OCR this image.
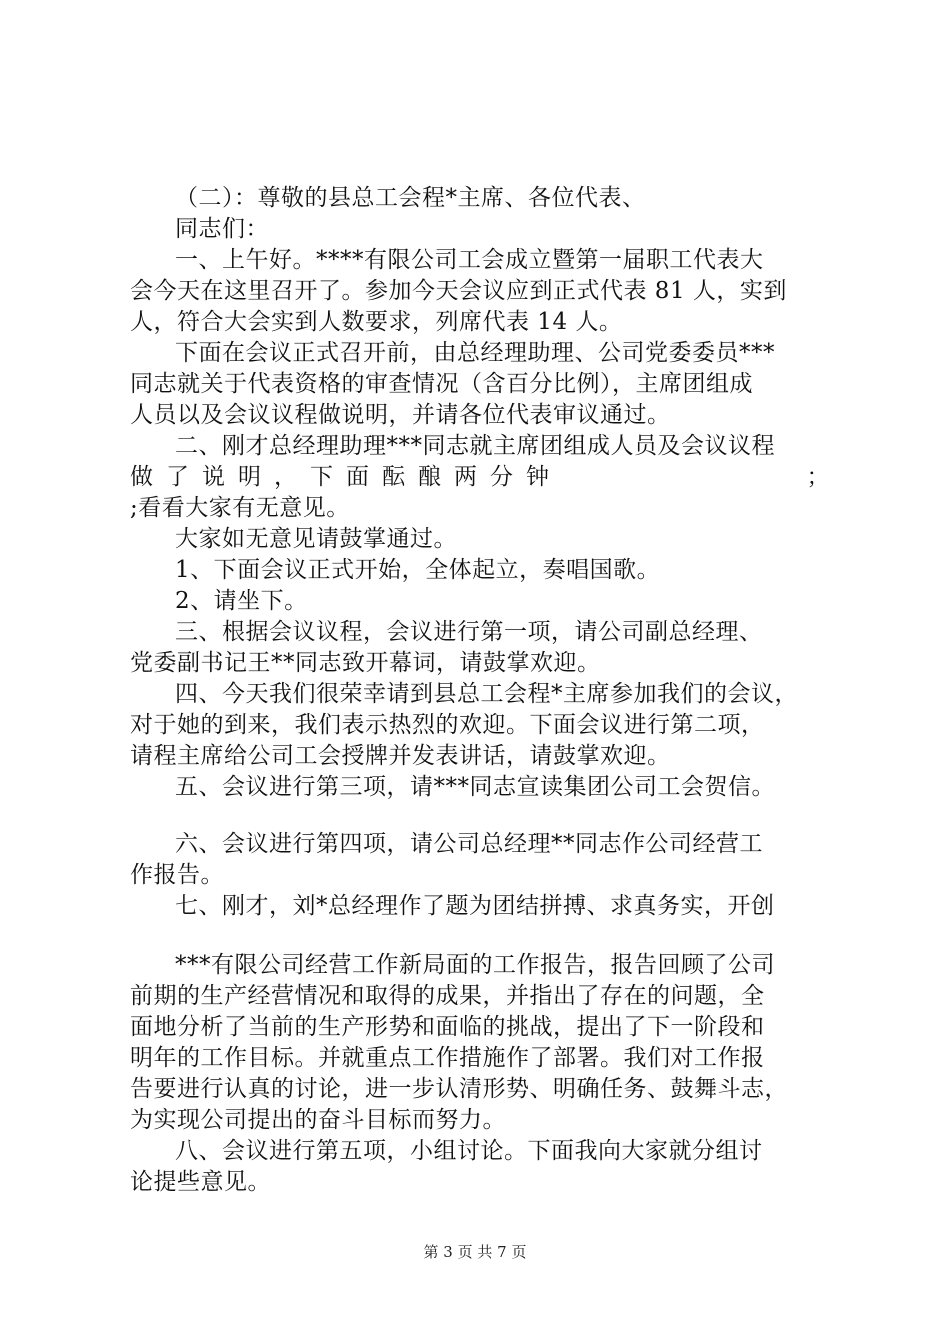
（二）：尊敬的县总工会程*主席、各位代表、
同志们：
一、上午好。****有限公司工会成立暨第一届职工代表大
会今天在这里召开了。参加今天会议应到正式代表 81 人，实到
人，符合大会实到人数要求，列席代表 14 人。
下面在会议正式召开前，由总经理助理、公司党委委员***
同志就关于代表资格的审查情况（含百分比例），主席团组成
人员以及会议议程做说明，并请各位代表审议通过。
二、刚才总经理助理***同志就主席团组成人员及会议议程
做了说明，下面酝酿两分钟	；
;看看大家有无意见。
大家如无意见请鼓掌通过。
1、下面会议正式开始，全体起立，奏唱国歌。
2、请坐下。
三、根据会议议程，会议进行第一项，请公司副总经理、
党委副书记王**同志致开幕词，请鼓掌欢迎。
四、今天我们很荣幸请到县总工会程*主席参加我们的会议，
对于她的到来，我们表示热烈的欢迎。下面会议进行第二项，
请程主席给公司工会授牌并发表讲话，请鼓掌欢迎。
五、会议进行第三项，请***同志宣读集团公司工会贺信。
六、会议进行第四项，请公司总经理**同志作公司经营工
作报告。
七、刚才，刘*总经理作了题为团结拼搏、求真务实，开创
***有限公司经营工作新局面的工作报告，报告回顾了公司
前期的生产经营情况和取得的成果，并指出了存在的问题，全
面地分析了当前的生产形势和面临的挑战，提出了下一阶段和
明年的工作目标。并就重点工作措施作了部署。我们对工作报
告要进行认真的讨论，进一步认清形势、明确任务、鼓舞斗志，
为实现公司提出的奋斗目标而努力。
八、会议进行第五项，小组讨论。下面我向大家就分组讨
论提些意见。
第 3 页 共 7 页
